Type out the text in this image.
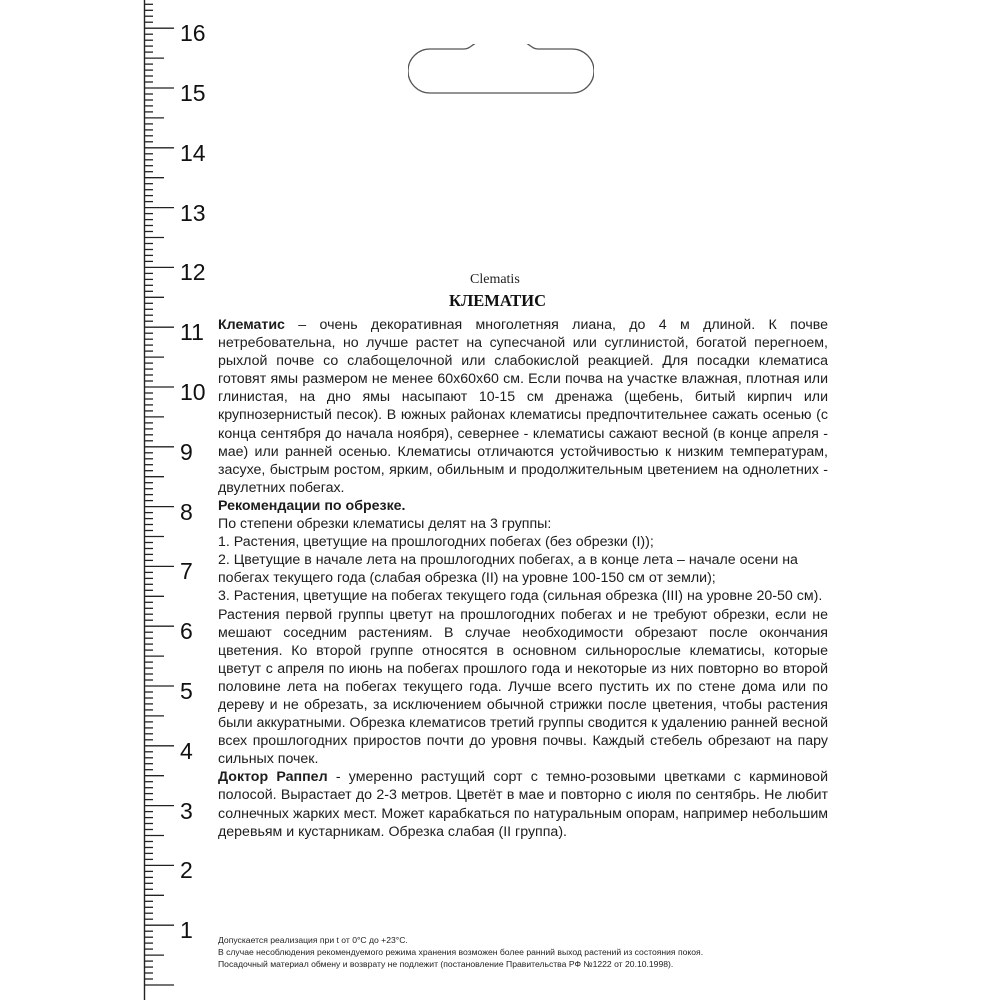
16
15
14
13
12
11
10
9
8
7
6
5
4
3
2
1
Clematis
КЛЕМАТИС

Клематис – очень декоративная многолетняя лиана, до 4 м длиной. К почве нетребовательна, но лучше растет на супесчаной или суглинистой, богатой перегноем, рыхлой почве со слабощелочной или слабокислой реакцией. Для посадки клематиса готовят ямы размером не менее 60х60х60 см. Если почва на участке влажная, плотная или глинистая, на дно ямы насыпают 10-15 см дренажа (щебень, битый кирпич или крупнозернистый песок). В южных районах клематисы предпочтительнее сажать осенью (с конца сентября до начала ноября), севернее - клематисы сажают весной (в конце апреля - мае) или ранней осенью. Клематисы отличаются устойчивостью к низким температурам, засухе, быстрым ростом, ярким, обильным и продолжительным цветением на однолетних - двулетних побегах.

Рекомендации по обрезке.

По степени обрезки клематисы делят на 3 группы:

1. Растения, цветущие на прошлогодних побегах (без обрезки (I));

2. Цветущие в начале лета на прошлогодних побегах, а в конце лета – начале осени на побегах текущего года (слабая обрезка (II) на уровне 100-150 см от земли);

3. Растения, цветущие на побегах текущего года (сильная обрезка (III) на уровне 20-50 см).

Растения первой группы цветут на прошлогодних побегах и не требуют обрезки, если не мешают соседним растениям. В случае необходимости обрезают после окончания цветения. Ко второй группе относятся в основном сильнорослые клематисы, которые цветут с апреля по июнь на побегах прошлого года и некоторые из них повторно во второй половине лета на побегах текущего года. Лучше всего пустить их по стене дома или по дереву и не обрезать, за исключением обычной стрижки после цветения, чтобы растения были аккуратными. Обрезка клематисов третий группы сводится к удалению ранней весной всех прошлогодних приростов почти до уровня почвы. Каждый стебель обрезают на пару сильных почек.

Доктор Раппел - умеренно растущий сорт с темно-розовыми цветками с карминовой полосой. Вырастает до 2-3 метров. Цветёт в мае и повторно с июля по сентябрь. Не любит солнечных жарких мест. Может карабкаться по натуральным опорам, например небольшим деревьям и кустарникам. Обрезка слабая (II группа).

Допускается реализация при t от 0°С до +23°С.

В случае несоблюдения рекомендуемого режима хранения возможен более ранний выход растений из состояния покоя.

Посадочный материал обмену и возврату не подлежит (постановление Правительства РФ №1222 от 20.10.1998).
